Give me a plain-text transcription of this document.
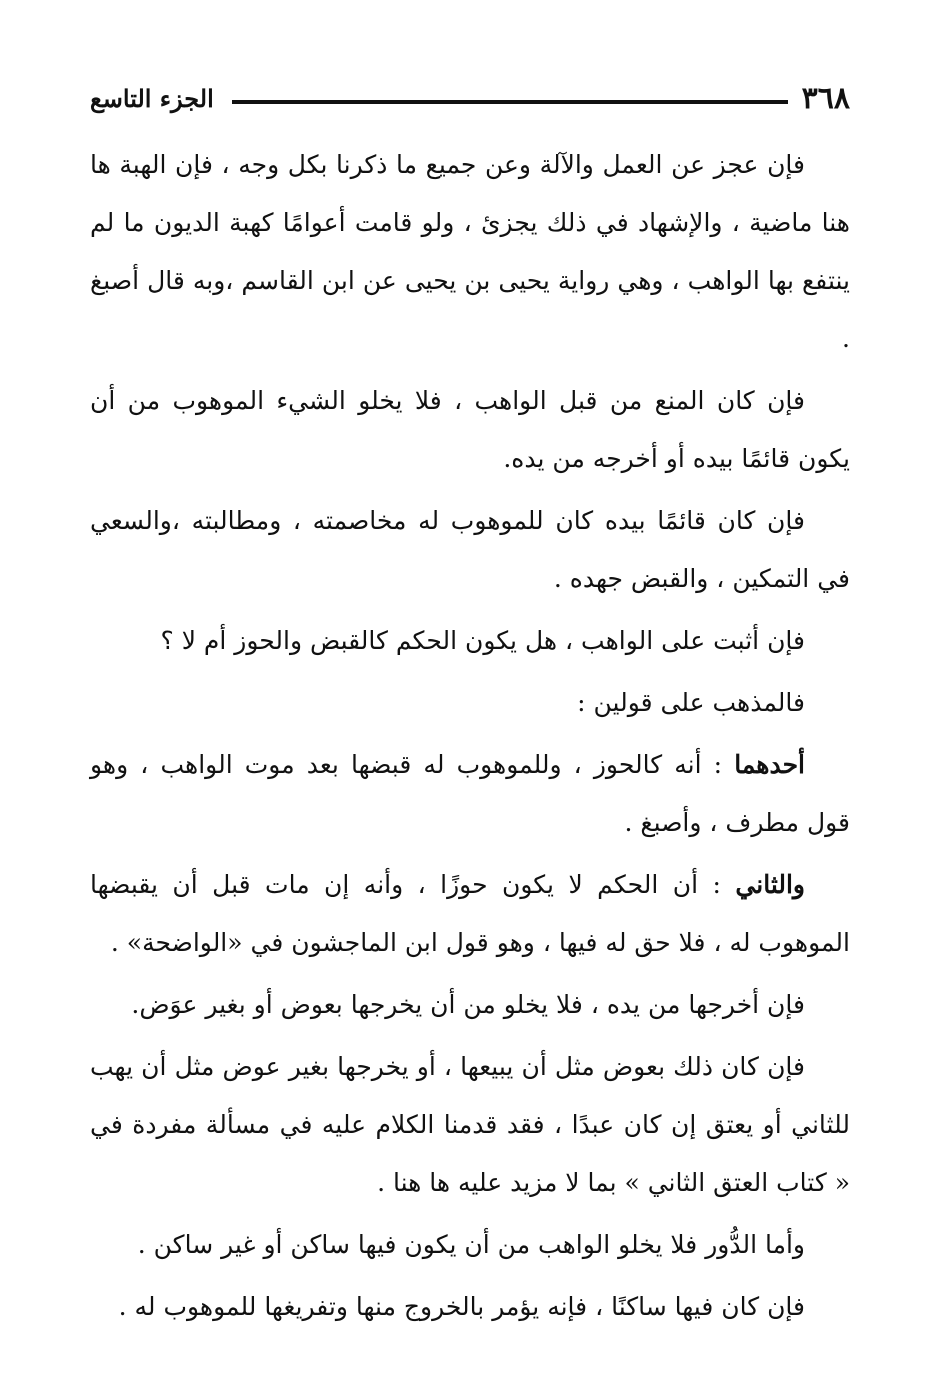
٣٦٨
الجزء التاسع

فإن عجز عن العمل والآلة وعن جميع ما ذكرنا بكل وجه ، فإن الهبة ها هنا ماضية ، والإشهاد في ذلك يجزئ ، ولو قامت أعوامًا كهبة الديون ما لم ينتفع بها الواهب ، وهي رواية يحيى بن يحيى عن ابن القاسم ،وبه قال أصبغ .

فإن كان المنع من قبل الواهب ، فلا يخلو الشيء الموهوب من أن يكون قائمًا بيده أو أخرجه من يده.

فإن كان قائمًا بيده كان للموهوب له مخاصمته ، ومطالبته ،والسعي في التمكين ، والقبض جهده .

فإن أثبت على الواهب ، هل يكون الحكم كالقبض والحوز أم لا ؟

فالمذهب على قولين :

أحدهما : أنه كالحوز ، وللموهوب له قبضها بعد موت الواهب ، وهو قول مطرف ، وأصبغ .

والثاني : أن الحكم لا يكون حوزًا ، وأنه إن مات قبل أن يقبضها الموهوب له ، فلا حق له فيها ، وهو قول ابن الماجشون في «الواضحة» .

فإن أخرجها من يده ، فلا يخلو من أن يخرجها بعوض أو بغير عوَض.

فإن كان ذلك بعوض مثل أن يبيعها ، أو يخرجها بغير عوض مثل أن يهب للثاني أو يعتق إن كان عبدًا ، فقد قدمنا الكلام عليه في مسألة مفردة في « كتاب العتق الثاني » بما لا مزيد عليه ها هنا .

وأما الدُّور فلا يخلو الواهب من أن يكون فيها ساكن أو غير ساكن .

فإن كان فيها ساكنًا ، فإنه يؤمر بالخروج منها وتفريغها للموهوب له .
